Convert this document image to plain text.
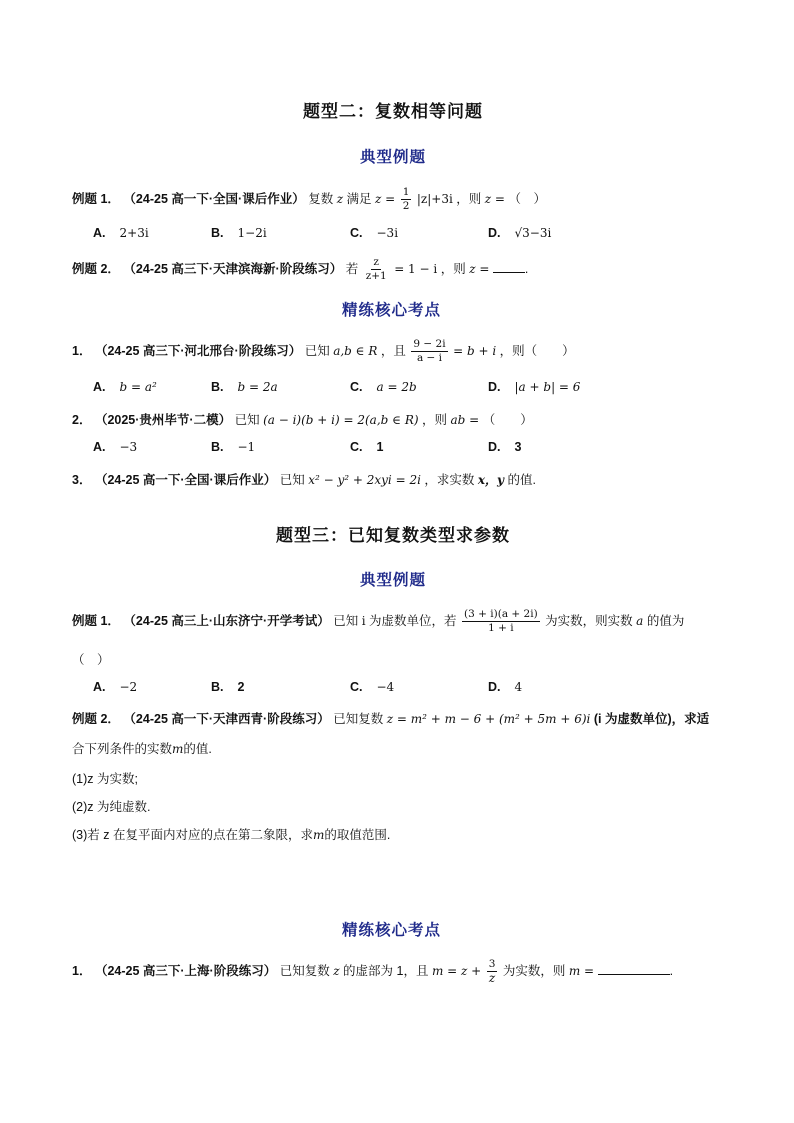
题型二：复数相等问题
典型例题
例题 1． （24-25 高一下·全国·课后作业） 复数 z 满足 $z = \frac{1}{2} |z|+3i$ ，则 z = （　）
A. 2+3i	B. 1−2i	C. −3i	D. √3−3i
例题 2． （24-25 高三下·天津滨海新·阶段练习） 若 $\frac{z}{z+1} = 1 - i$ ，则 z =	.
精练核心考点
1． （24-25 高三下·河北邢台·阶段练习） 已知 a,b ∈ R ，且 $\frac{9 - 2i}{a - i} = b + i$ ，则（　　）
A. b = a²	B. b = 2a	C. a = 2b	D. |a + b| = 6
2． （2025·贵州毕节·二模） 已知 (a − i)(b + i) = 2(a,b ∈ R) ，则 ab = （　　）
A. −3	B. −1	C. 1	D. 3
3． （24-25 高一下·全国·课后作业） 已知 x² − y² + 2xyi = 2i ，求实数 x，y 的值.
题型三：已知复数类型求参数
典型例题
例题 1． （24-25 高三上·山东济宁·开学考试） 已知 i 为虚数单位，若 $\frac{(3 + i)(a + 2i)}{1 + i}$ 为实数，则实数 a 的值为
（　）
A. −2	B. 2	C. −4	D. 4
例题 2． （24-25 高一下·天津西青·阶段练习） 已知复数 z = m² + m − 6 + (m² + 5m + 6)i (i 为虚数单位)，求适
合下列条件的实数m的值.
(1)z 为实数;
(2)z 为纯虚数.
(3)若 z 在复平面内对应的点在第二象限，求m的取值范围.
精练核心考点
1． （24-25 高三下·上海·阶段练习） 已知复数 z 的虚部为 1，且 $m = z + \frac{3}{z}$ 为实数，则 m =	.
